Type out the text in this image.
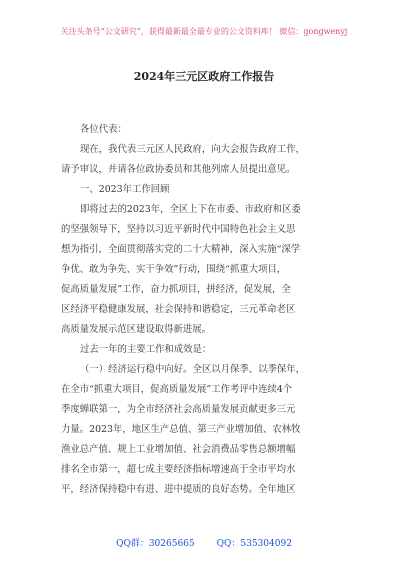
关注头条号“公文研究”，获得最新最全最专业的公文资料库！ 微信：gongwenyj
2024年三元区政府工作报告
各位代表：
现在，我代表三元区人民政府，向大会报告政府工作，
请予审议，并请各位政协委员和其他列席人员提出意见。
一、2023年工作回顾
即将过去的2023年，全区上下在市委、市政府和区委
的坚强领导下，坚持以习近平新时代中国特色社会主义思
想为指引，全面贯彻落实党的二十大精神，深入实施“深学
争优、敢为争先、实干争效”行动，围绕“抓重大项目，
促高质量发展”工作，奋力抓项目，拼经济，促发展，全
区经济平稳健康发展，社会保持和谐稳定，三元革命老区
高质量发展示范区建设取得新进展。
过去一年的主要工作和成效是：
（一）经济运行稳中向好。全区以月保季、以季保年，
在全市“抓重大项目，促高质量发展”工作考评中连续4个
季度蝉联第一，为全市经济社会高质量发展贡献更多三元
力量。2023年，地区生产总值、第三产业增加值、农林牧
渔业总产值、规上工业增加值、社会消费品零售总额增幅
排名全市第一，超七成主要经济指标增速高于全市平均水
平，经济保持稳中有进、进中提质的良好态势。全年地区
QQ群：30265665 QQ：535304092
